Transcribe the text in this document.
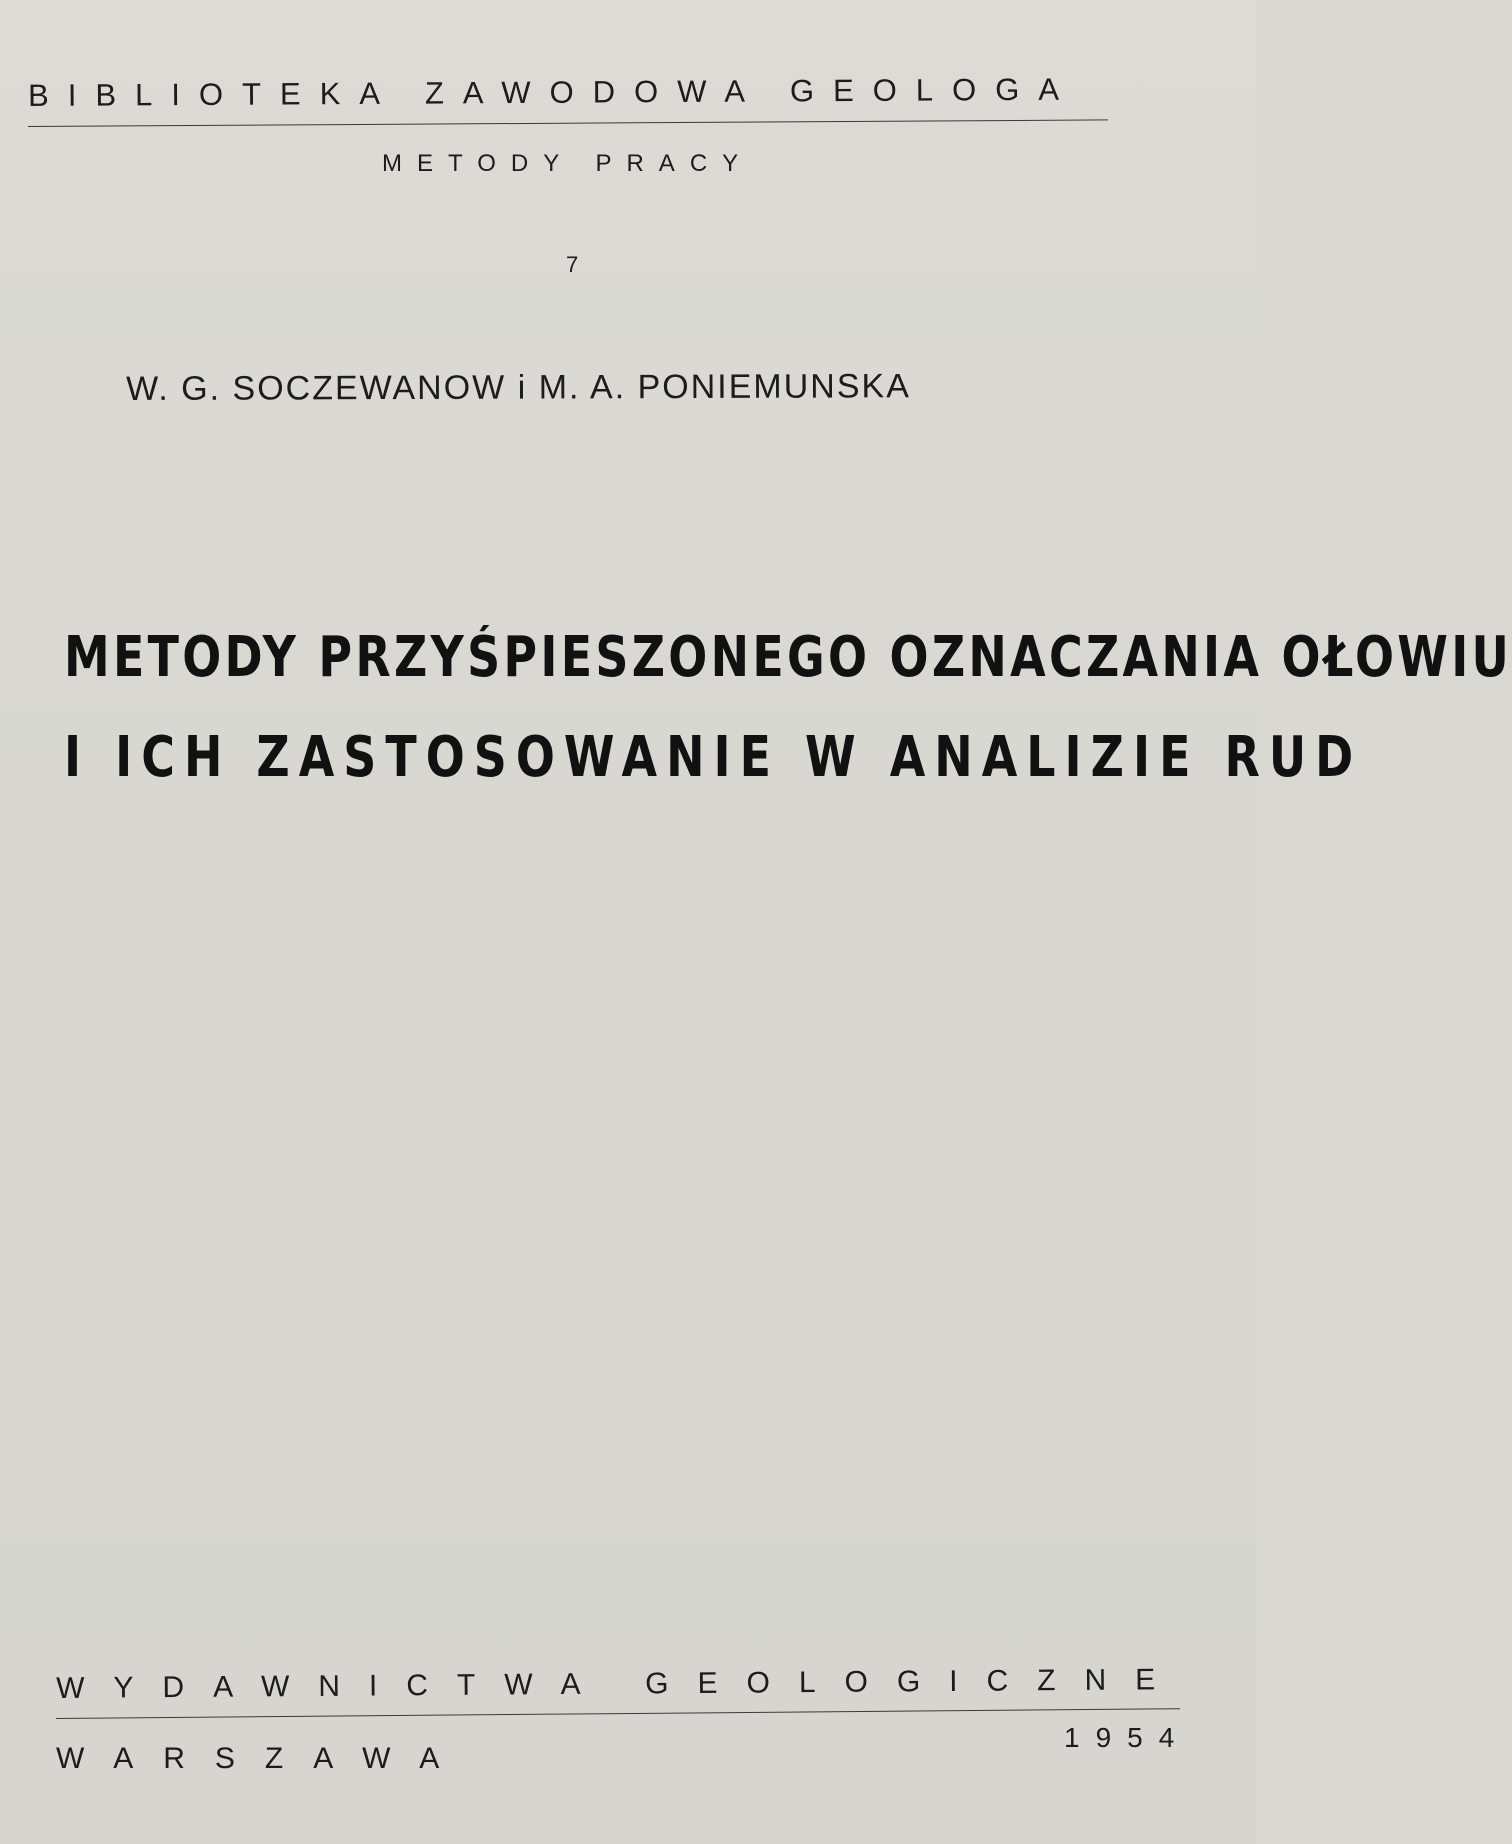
BIBLIOTEKA ZAWODOWA GEOLOGA
METODY PRACY
7
W. G. SOCZEWANOW i M. A. PONIEMUNSKA
METODY PRZYŚPIESZONEGO OZNACZANIA OŁOWIU
I ICH ZASTOSOWANIE W ANALIZIE RUD
WYDAWNICTWA GEOLOGICZNE
WARSZAWA
1954
